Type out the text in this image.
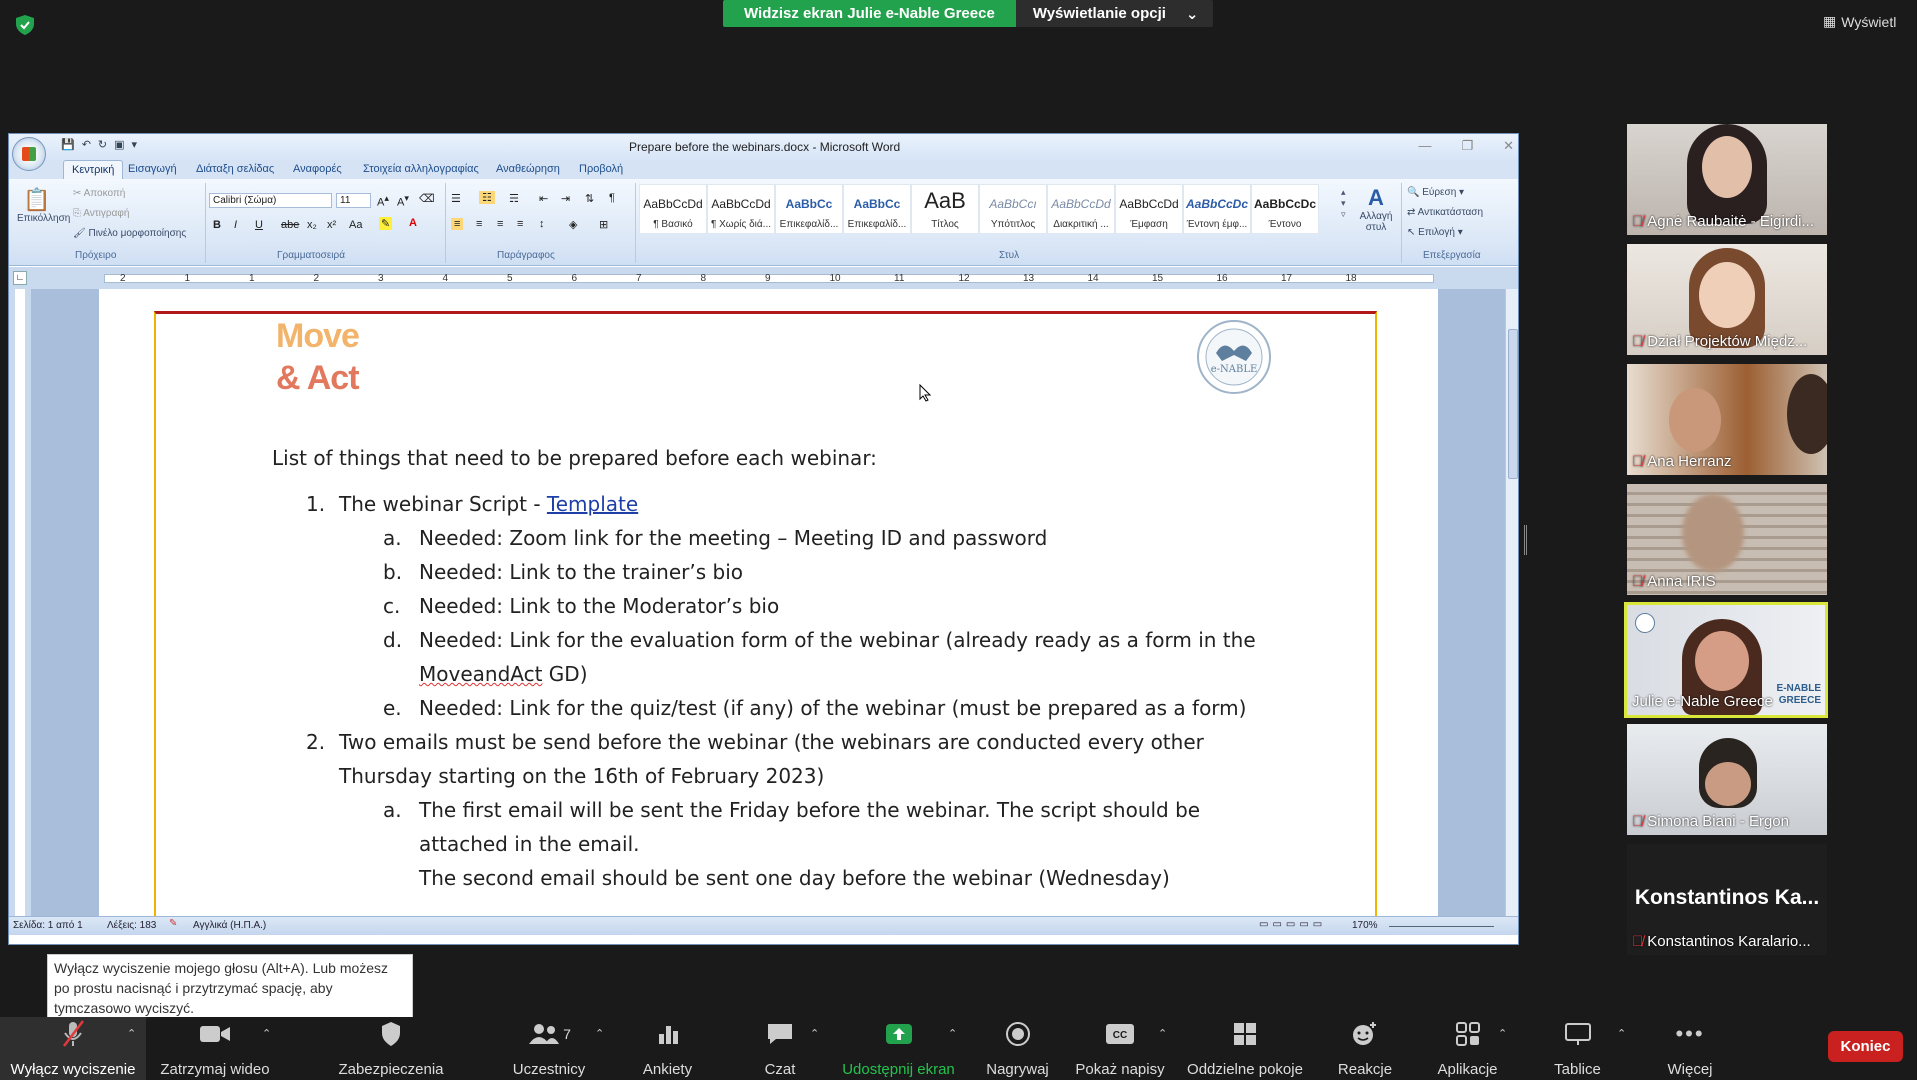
Widzisz ekran Julie e-Nable Greece	Wyświetlanie opcji ⌄	▦ Wyświetl
💾 ↶ ↻ ▣ ▾	Prepare before the webinars.docx - Microsoft Word	— ❐ ✕
Κεντρική	Εισαγωγή Διάταξη σελίδας Αναφορές Στοιχεία αλληλογραφίας Αναθεώρηση Προβολή
📋
Επικόλληση
✂ Αποκοπή
⎘ Αντιγραφή
🖌 Πινέλο μορφοποίησης
Πρόχειρο
Calibri (Σώμα)	11	A▴ A▾ ⌫
B I U abe x₂ x² Aa ✎ A
Γραμματοσειρά
☰ ☷ ☴ ⇤ ⇥ ⇅ ¶
≡ ≡ ≡ ≡ ↕ ◈ ⊞
Παράγραφος
AaBbCcDd
¶ Βασικό
AaBbCcDd
¶ Χωρίς διά...
AaBbCc
Επικεφαλίδ...
AaBbCc
Επικεφαλίδ...
AaB
Τίτλος
AaBbCcı
Υπότιτλος
AaBbCcDd
Διακριτική ...
AaBbCcDd
Έμφαση
AaBbCcDc
Έντονη έμφ...
AaBbCcDc
Έντονο
▴
▾
▿
A
Αλλαγή στυλ
Στυλ
🔍 Εύρεση ▾
⇄ Αντικατάσταση
↖ Επιλογή ▾
Επεξεργασία
∟	2	1	1	2	3	4	5	6	7	8	9	10	11	12	13	14	15	16	17	18
Move
& Act	e-NABLE
List of things that need to be prepared before each webinar:
1. The webinar Script - Template
a. Needed: Zoom link for the meeting – Meeting ID and password
b. Needed: Link to the trainer’s bio
c. Needed: Link to the Moderator’s bio
d. Needed: Link for the evaluation form of the webinar (already ready as a form in the
MoveandAct GD)
e. Needed: Link for the quiz/test (if any) of the webinar (must be prepared as a form)
2. Two emails must be send before the webinar (the webinars are conducted every other
Thursday starting on the 16th of February 2023)
a. The first email will be sent the Friday before the webinar. The script should be
attached in the email.
The second email should be sent one day before the webinar (Wednesday)
Σελίδα: 1 από 1 Λέξεις: 183 ✎ Αγγλικά (Η.Π.Α.)	▭▭▭▭▭	170%
🎙̸ Agnė Raubaitė - Eigirdi...
🎙̸ Dział Projektów Międz...
🎙̸ Ana Herranz
🎙̸ Anna IRIS
E-NABLE GREECE
Julie e-Nable Greece
🎙̸ Simona Biani - Ergon
Konstantinos Ka...
🎙̸ Konstantinos Karalario...
Wyłącz wyciszenie mojego głosu (Alt+A). Lub możesz po prostu nacisnąć i przytrzymać spację, aby tymczasowo wyciszyć.
Wyłącz wyciszenie
⌃
Zatrzymaj wideo
⌃
Zabezpieczenia
7
Uczestnicy
⌃
Ankiety	Czat
⌃
Udostępnij ekran
⌃
Nagrywaj
CC
Pokaż napisy
⌃
Oddzielne pokoje	Reakcje	Aplikacje
⌃
Tablice
⌃	•••
Więcej
Koniec
